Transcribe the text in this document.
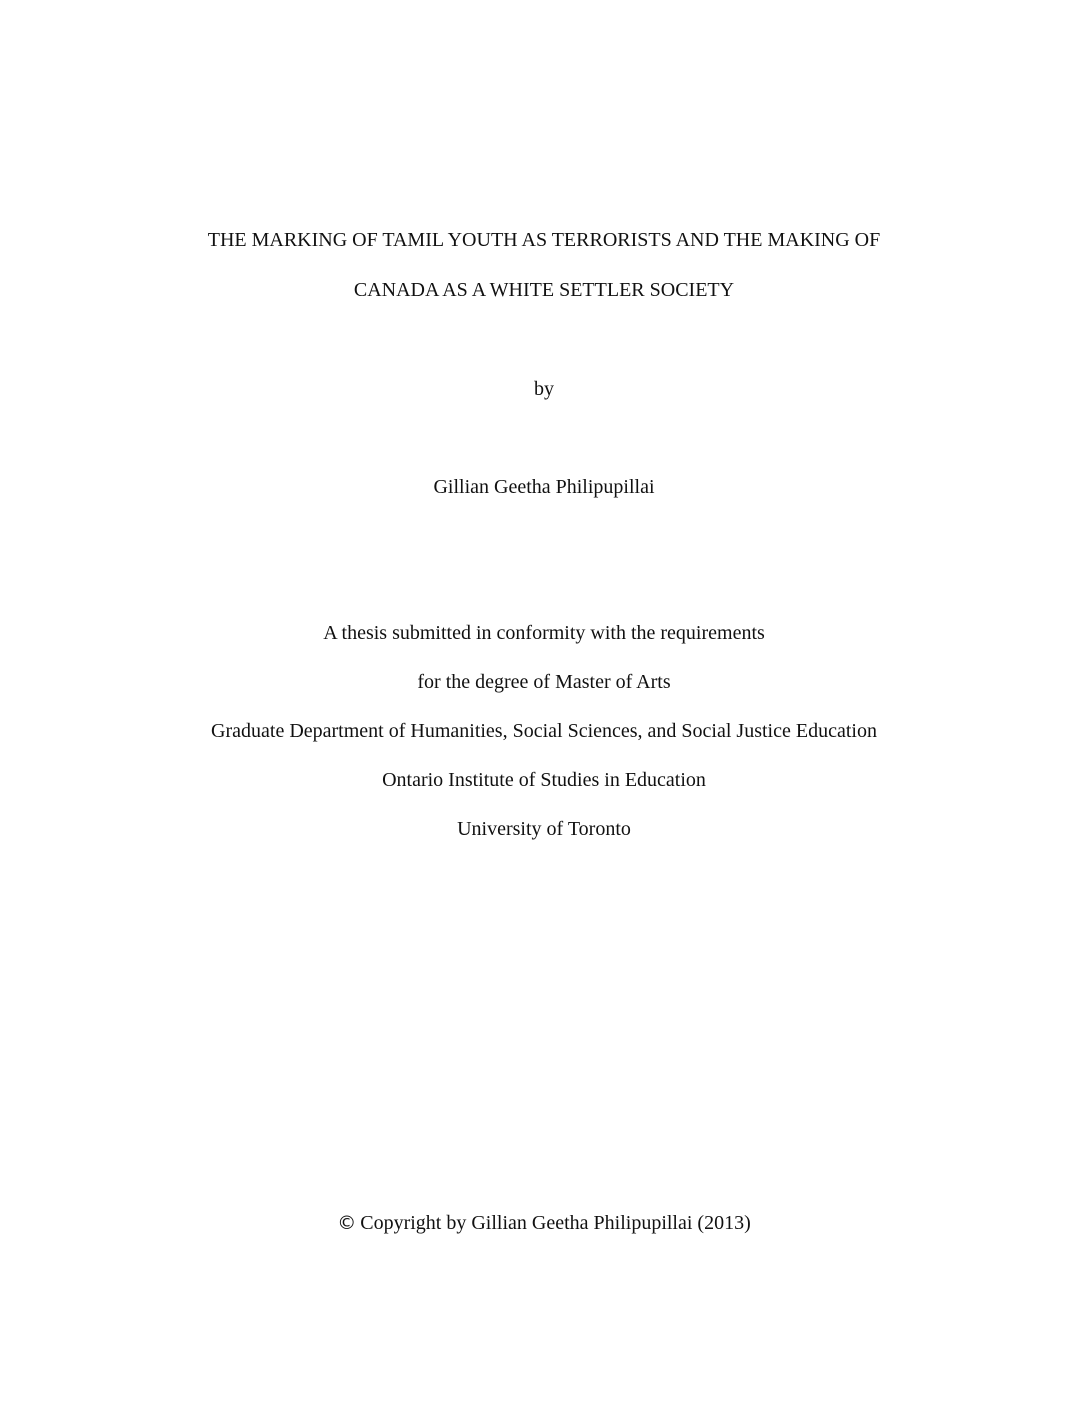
THE MARKING OF TAMIL YOUTH AS TERRORISTS AND THE MAKING OF
CANADA AS A WHITE SETTLER SOCIETY
by
Gillian Geetha Philipupillai
A thesis submitted in conformity with the requirements
for the degree of Master of Arts
Graduate Department of Humanities, Social Sciences, and Social Justice Education
Ontario Institute of Studies in Education
University of Toronto
© Copyright by Gillian Geetha Philipupillai (2013)
